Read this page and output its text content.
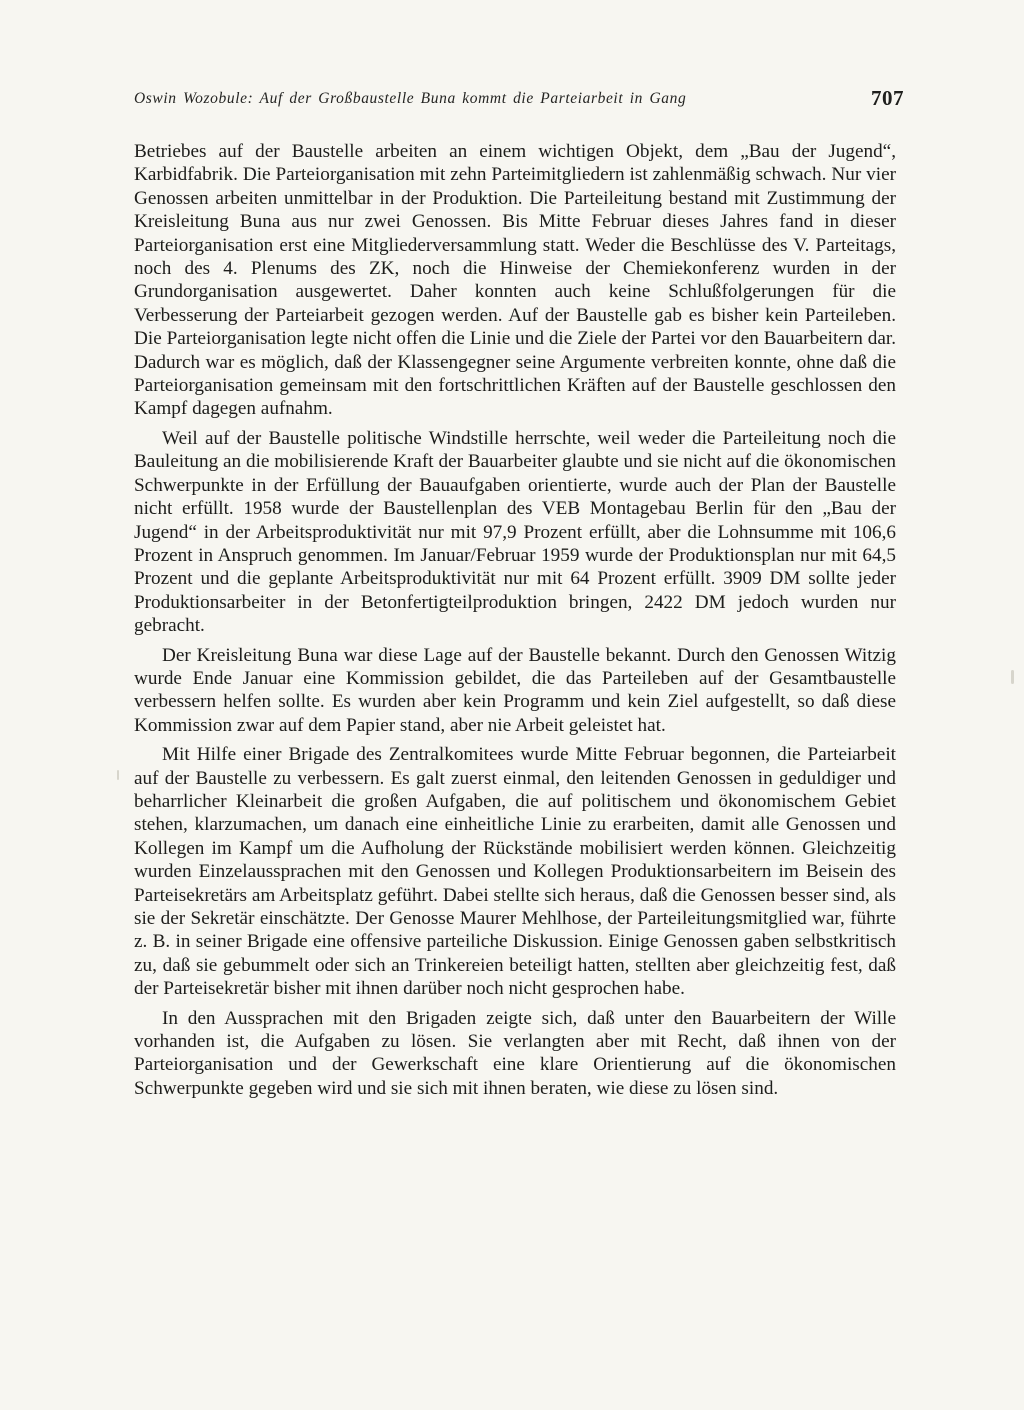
Oswin Wozobule: Auf der Großbaustelle Buna kommt die Parteiarbeit in Gang	707

Betriebes auf der Baustelle arbeiten an einem wichtigen Objekt, dem „Bau der Jugend“, Karbidfabrik. Die Parteiorganisation mit zehn Parteimitgliedern ist zahlenmäßig schwach. Nur vier Genossen arbeiten unmittelbar in der Produktion. Die Parteileitung bestand mit Zustimmung der Kreisleitung Buna aus nur zwei Genossen. Bis Mitte Februar dieses Jahres fand in dieser Parteiorganisation erst eine Mitgliederversammlung statt. Weder die Beschlüsse des V. Parteitags, noch des 4. Plenums des ZK, noch die Hinweise der Chemiekonferenz wurden in der Grundorganisation ausgewertet. Daher konnten auch keine Schlußfolgerungen für die Verbesserung der Parteiarbeit gezogen werden. Auf der Baustelle gab es bisher kein Parteileben. Die Parteiorganisation legte nicht offen die Linie und die Ziele der Partei vor den Bauarbeitern dar. Dadurch war es möglich, daß der Klassengegner seine Argumente verbreiten konnte, ohne daß die Parteiorganisation gemeinsam mit den fortschrittlichen Kräften auf der Baustelle geschlossen den Kampf dagegen aufnahm.

Weil auf der Baustelle politische Windstille herrschte, weil weder die Parteileitung noch die Bauleitung an die mobilisierende Kraft der Bauarbeiter glaubte und sie nicht auf die ökonomischen Schwerpunkte in der Erfüllung der Bauaufgaben orientierte, wurde auch der Plan der Baustelle nicht erfüllt. 1958 wurde der Baustellenplan des VEB Montagebau Berlin für den „Bau der Jugend“ in der Arbeitsproduktivität nur mit 97,9 Prozent erfüllt, aber die Lohnsumme mit 106,6 Prozent in Anspruch genommen. Im Januar/Februar 1959 wurde der Produktionsplan nur mit 64,5 Prozent und die geplante Arbeitsproduktivität nur mit 64 Prozent erfüllt. 3909 DM sollte jeder Produktionsarbeiter in der Betonfertigteilproduktion bringen, 2422 DM jedoch wurden nur gebracht.

Der Kreisleitung Buna war diese Lage auf der Baustelle bekannt. Durch den Genossen Witzig wurde Ende Januar eine Kommission gebildet, die das Parteileben auf der Gesamtbaustelle verbessern helfen sollte. Es wurden aber kein Programm und kein Ziel aufgestellt, so daß diese Kommission zwar auf dem Papier stand, aber nie Arbeit geleistet hat.

Mit Hilfe einer Brigade des Zentralkomitees wurde Mitte Februar begonnen, die Parteiarbeit auf der Baustelle zu verbessern. Es galt zuerst einmal, den leitenden Genossen in geduldiger und beharrlicher Kleinarbeit die großen Aufgaben, die auf politischem und ökonomischem Gebiet stehen, klarzumachen, um danach eine einheitliche Linie zu erarbeiten, damit alle Genossen und Kollegen im Kampf um die Aufholung der Rückstände mobilisiert werden können. Gleichzeitig wurden Einzelaussprachen mit den Genossen und Kollegen Produktionsarbeitern im Beisein des Parteisekretärs am Arbeitsplatz geführt. Dabei stellte sich heraus, daß die Genossen besser sind, als sie der Sekretär einschätzte. Der Genosse Maurer Mehlhose, der Parteileitungsmitglied war, führte z. B. in seiner Brigade eine offensive parteiliche Diskussion. Einige Genossen gaben selbstkritisch zu, daß sie gebummelt oder sich an Trinkereien beteiligt hatten, stellten aber gleichzeitig fest, daß der Parteisekretär bisher mit ihnen darüber noch nicht gesprochen habe.

In den Aussprachen mit den Brigaden zeigte sich, daß unter den Bauarbeitern der Wille vorhanden ist, die Aufgaben zu lösen. Sie verlangten aber mit Recht, daß ihnen von der Parteiorganisation und der Gewerkschaft eine klare Orientierung auf die ökonomischen Schwerpunkte gegeben wird und sie sich mit ihnen beraten, wie diese zu lösen sind.
